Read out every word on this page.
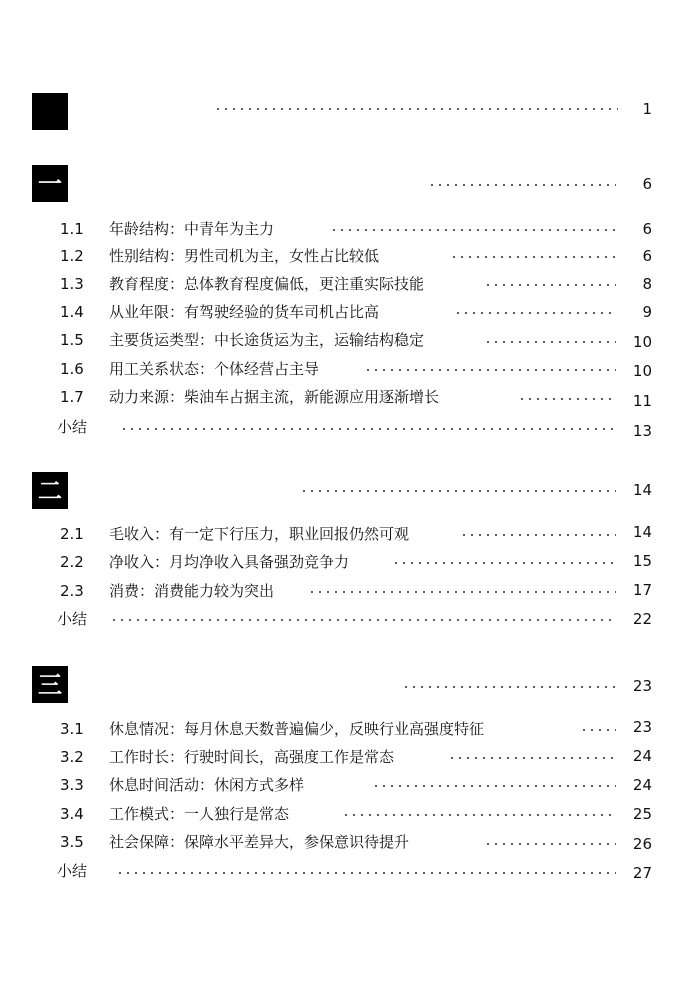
1
一	6
1.1 年龄结构：中青年为主力	6
1.2 性别结构：男性司机为主，女性占比较低	6
1.3 教育程度：总体教育程度偏低，更注重实际技能	8
1.4 从业年限：有驾驶经验的货车司机占比高	9
1.5 主要货运类型：中长途货运为主，运输结构稳定	10
1.6 用工关系状态：个体经营占主导	10
1.7 动力来源：柴油车占据主流，新能源应用逐渐增长	11
小结	13
二	14
2.1 毛收入：有一定下行压力，职业回报仍然可观	14
2.2 净收入：月均净收入具备强劲竞争力	15
2.3 消费：消费能力较为突出	17
小结	22
三	23
3.1 休息情况：每月休息天数普遍偏少，反映行业高强度特征	23
3.2 工作时长：行驶时间长，高强度工作是常态	24
3.3 休息时间活动：休闲方式多样	24
3.4 工作模式：一人独行是常态	25
3.5 社会保障：保障水平差异大，参保意识待提升	26
小结	27
